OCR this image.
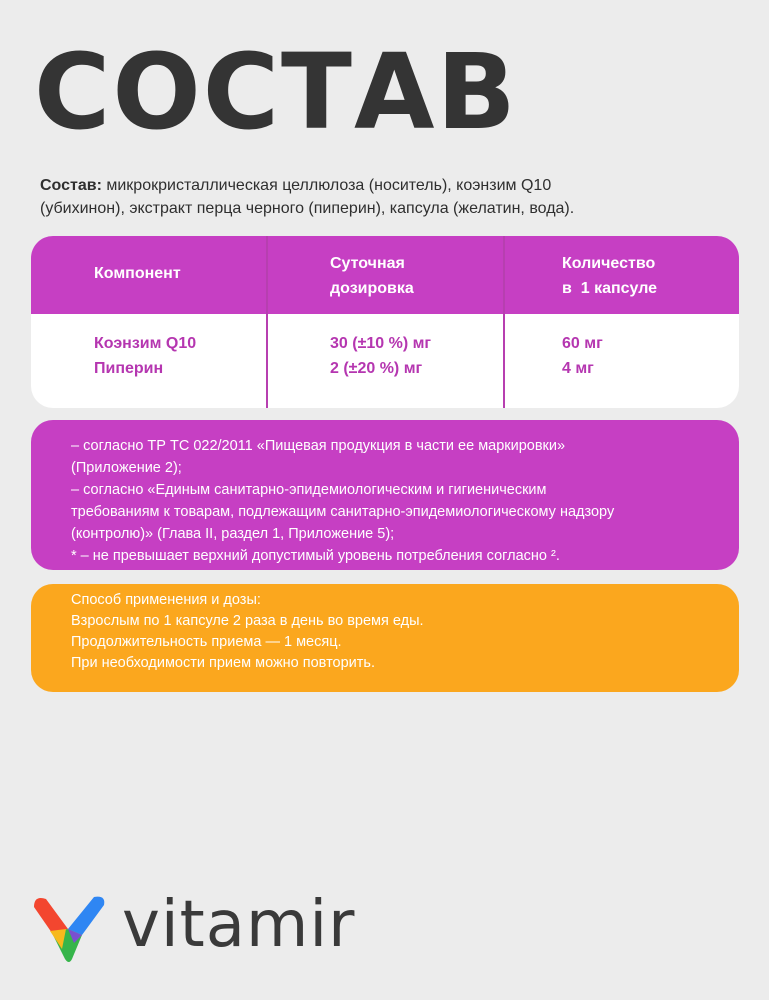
СОСТАВ
Состав: микрокристаллическая целлюлоза (носитель), коэнзим Q10
(убихинон), экстракт перца черного (пиперин), капсула (желатин, вода).
Компонент
Суточная
дозировка
Количество
в  1 капсуле
Коэнзим Q10
Пиперин
30 (±10 %) мг
2 (±20 %) мг
60 мг
4 мг

– согласно ТР ТС 022/2011 «Пищевая продукция в части ее маркировки»

(Приложение 2);

– согласно «Единым санитарно-эпидемиологическим и гигиеническим

требованиям к товарам, подлежащим санитарно-эпидемиологическому надзору

(контролю)» (Глава II, раздел 1, Приложение 5);

* – не превышает верхний допустимый уровень потребления согласно ².

Способ применения и дозы:

Взрослым по 1 капсуле 2 раза в день во время еды.

Продолжительность приема — 1 месяц.

При необходимости прием можно повторить.

vitamir
